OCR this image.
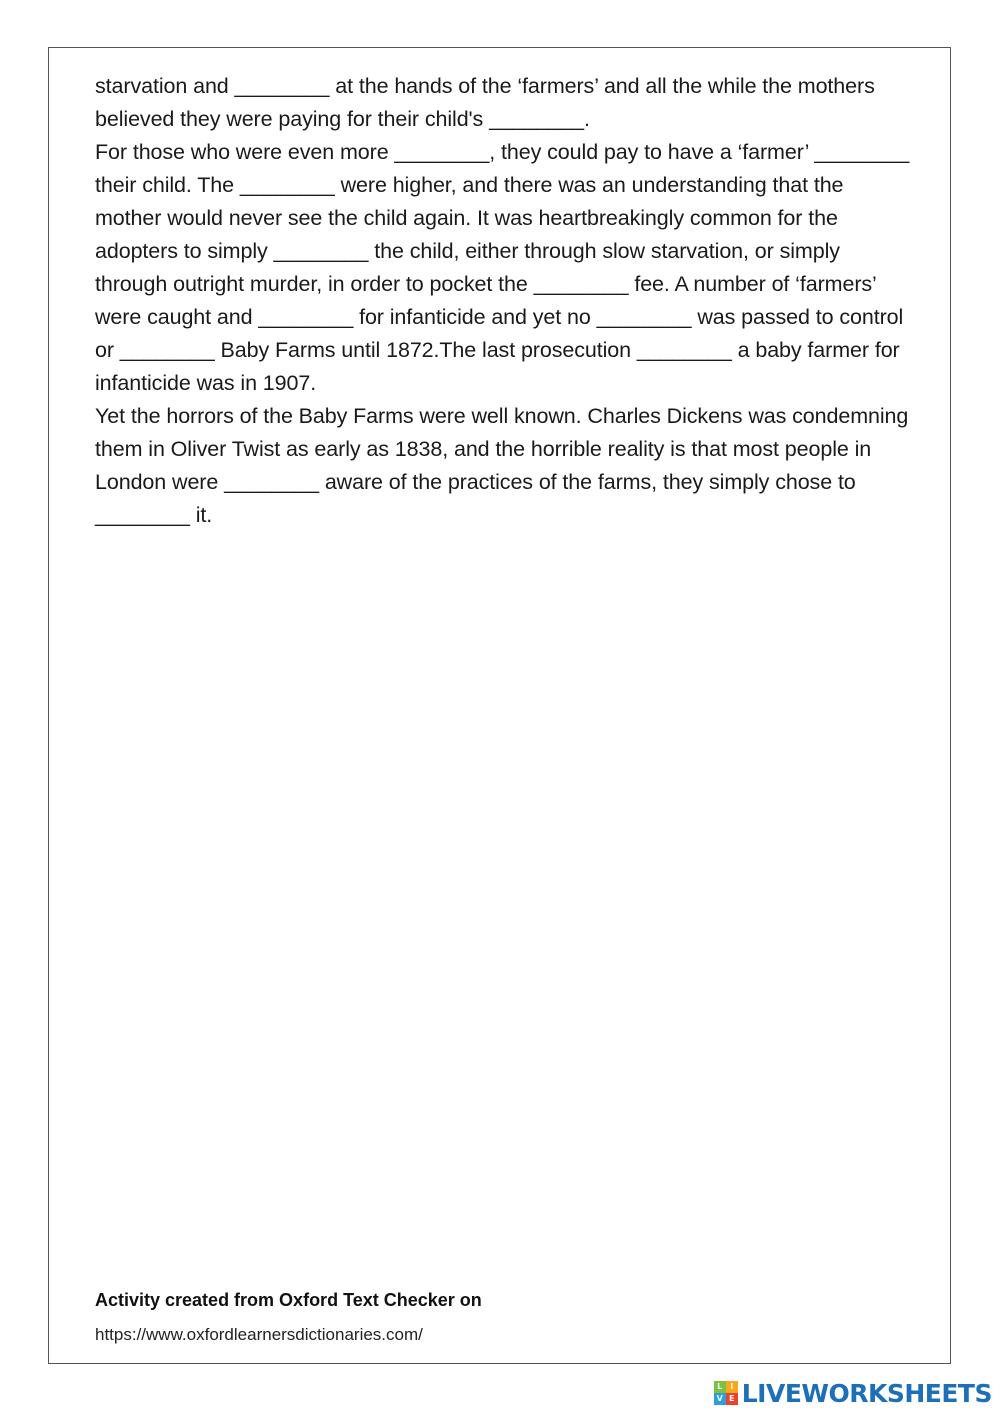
starvation and ________ at the hands of the ‘farmers’ and all the while the mothers believed they were paying for their child's ________.

For those who were even more ________, they could pay to have a ‘farmer’ ________ their child. The ________ were higher, and there was an understanding that the mother would never see the child again. It was heartbreakingly common for the adopters to simply ________ the child, either through slow starvation, or simply through outright murder, in order to pocket the ________ fee. A number of ‘farmers’ were caught and ________ for infanticide and yet no ________ was passed to control or ________ Baby Farms until 1872.The last prosecution ________ a baby farmer for infanticide was in 1907.

Yet the horrors of the Baby Farms were well known. Charles Dickens was condemning them in Oliver Twist as early as 1838, and the horrible reality is that most people in London were ________ aware of the practices of the farms, they simply chose to ________ it.

Activity created from Oxford Text Checker on
https://www.oxfordlearnersdictionaries.com/
L I
V E LIVEWORKSHEETS
